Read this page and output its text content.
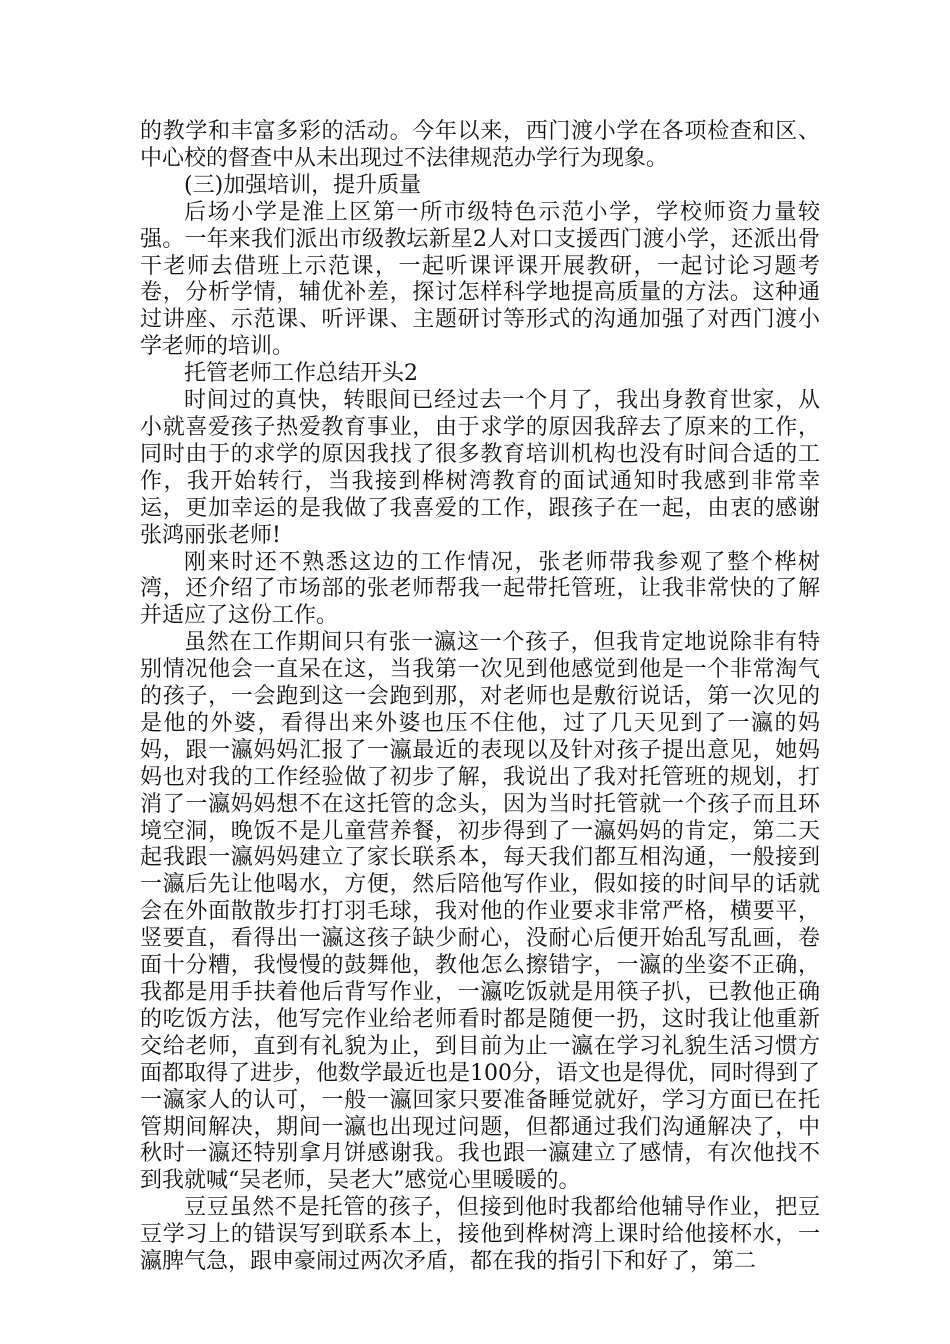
的教学和丰富多彩的活动。今年以来，西门渡小学在各项检查和区、中心校的督查中从未出现过不法律规范办学行为现象。

(三)加强培训，提升质量

后场小学是淮上区第一所市级特色示范小学，学校师资力量较强。一年来我们派出市级教坛新星2人对口支援西门渡小学，还派出骨干老师去借班上示范课，一起听课评课开展教研，一起讨论习题考卷，分析学情，辅优补差，探讨怎样科学地提高质量的方法。这种通过讲座、示范课、听评课、主题研讨等形式的沟通加强了对西门渡小学老师的培训。

托管老师工作总结开头2

时间过的真快，转眼间已经过去一个月了，我出身教育世家，从小就喜爱孩子热爱教育事业，由于求学的原因我辞去了原来的工作，同时由于的求学的原因我找了很多教育培训机构也没有时间合适的工作，我开始转行，当我接到桦树湾教育的面试通知时我感到非常幸运，更加幸运的是我做了我喜爱的工作，跟孩子在一起，由衷的感谢张鸿丽张老师!

刚来时还不熟悉这边的工作情况，张老师带我参观了整个桦树湾，还介绍了市场部的张老师帮我一起带托管班，让我非常快的了解并适应了这份工作。

虽然在工作期间只有张一瀛这一个孩子，但我肯定地说除非有特别情况他会一直呆在这，当我第一次见到他感觉到他是一个非常淘气的孩子，一会跑到这一会跑到那，对老师也是敷衍说话，第一次见的是他的外婆，看得出来外婆也压不住他，过了几天见到了一瀛的妈妈，跟一瀛妈妈汇报了一瀛最近的表现以及针对孩子提出意见，她妈妈也对我的工作经验做了初步了解，我说出了我对托管班的规划，打消了一瀛妈妈想不在这托管的念头，因为当时托管就一个孩子而且环境空洞，晚饭不是儿童营养餐，初步得到了一瀛妈妈的肯定，第二天起我跟一瀛妈妈建立了家长联系本，每天我们都互相沟通，一般接到一瀛后先让他喝水，方便，然后陪他写作业，假如接的时间早的话就会在外面散散步打打羽毛球，我对他的作业要求非常严格，横要平，竖要直，看得出一瀛这孩子缺少耐心，没耐心后便开始乱写乱画，卷面十分糟，我慢慢的鼓舞他，教他怎么擦错字，一瀛的坐姿不正确，我都是用手扶着他后背写作业，一瀛吃饭就是用筷子扒，已教他正确的吃饭方法，他写完作业给老师看时都是随便一扔，这时我让他重新交给老师，直到有礼貌为止，到目前为止一瀛在学习礼貌生活习惯方面都取得了进步，他数学最近也是100分，语文也是得优，同时得到了一瀛家人的认可，一般一瀛回家只要准备睡觉就好，学习方面已在托管期间解决，期间一瀛也出现过问题，但都通过我们沟通解决了，中秋时一瀛还特别拿月饼感谢我。我也跟一瀛建立了感情，有次他找不到我就喊“吴老师，吴老大”感觉心里暖暖的。

豆豆虽然不是托管的孩子，但接到他时我都给他辅导作业，把豆豆学习上的错误写到联系本上，接他到桦树湾上课时给他接杯水，一瀛脾气急，跟申豪闹过两次矛盾，都在我的指引下和好了，第二
